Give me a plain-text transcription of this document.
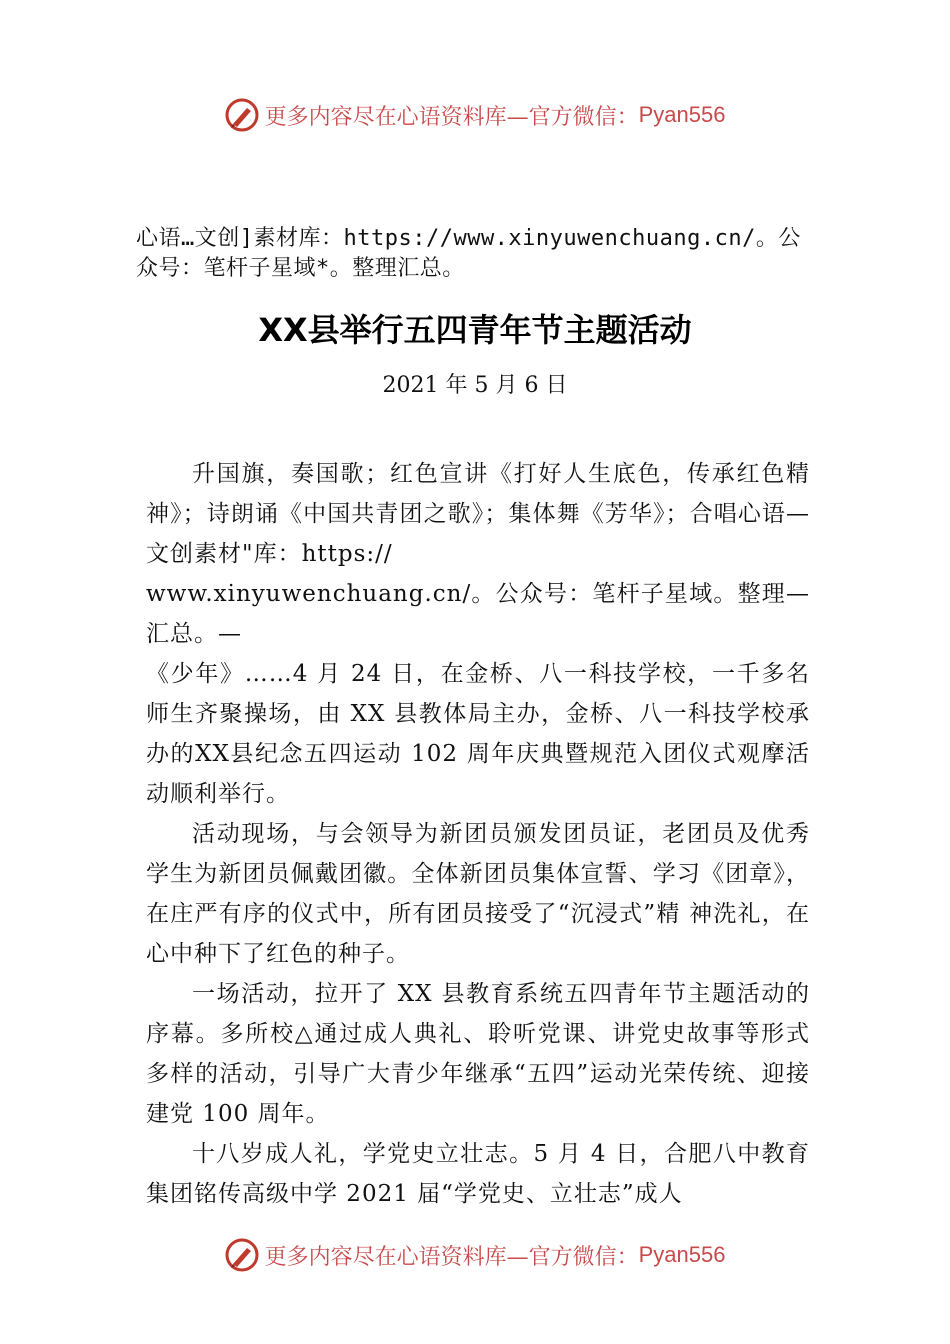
更多内容尽在心语资料库—官方微信： Pyan556
心语…文创]素材库：https://www.xinyuwenchuang.cn/。公众号：笔杆子星域*。整理汇总。
XX县举行五四青年节主题活动
2021 年 5 月 6 日

升国旗，奏国歌；红色宣讲《打好人生底色，传承红色精神》；诗朗诵《中国共青团之歌》；集体舞《芳华》；合唱心语—文创素材"库：https://

www.xinyuwenchuang.cn/。公众号：笔杆子星域。整理—汇总。—

《少年》……4 月 24 日，在金桥、八一科技学校，一千多名师生齐聚操场，由 XX 县教体局主办，金桥、八一科技学校承办的XX县纪念五四运动 102 周年庆典暨规范入团仪式观摩活动顺利举行。

活动现场，与会领导为新团员颁发团员证，老团员及优秀学生为新团员佩戴团徽。全体新团员集体宣誓、学习《团章》，在庄严有序的仪式中，所有团员接受了“沉浸式”精 神洗礼，在心中种下了红色的种子。

一场活动，拉开了 XX 县教育系统五四青年节主题活动的序幕。多所校△通过成人典礼、聆听党课、讲党史故事等形式多样的活动，引导广大青少年继承“五四”运动光荣传统、迎接建党 100 周年。

十八岁成人礼，学党史立壮志。5 月 4 日，合肥八中教育集团铭传高级中学 2021 届“学党史、立壮志”成人

更多内容尽在心语资料库—官方微信： Pyan556
